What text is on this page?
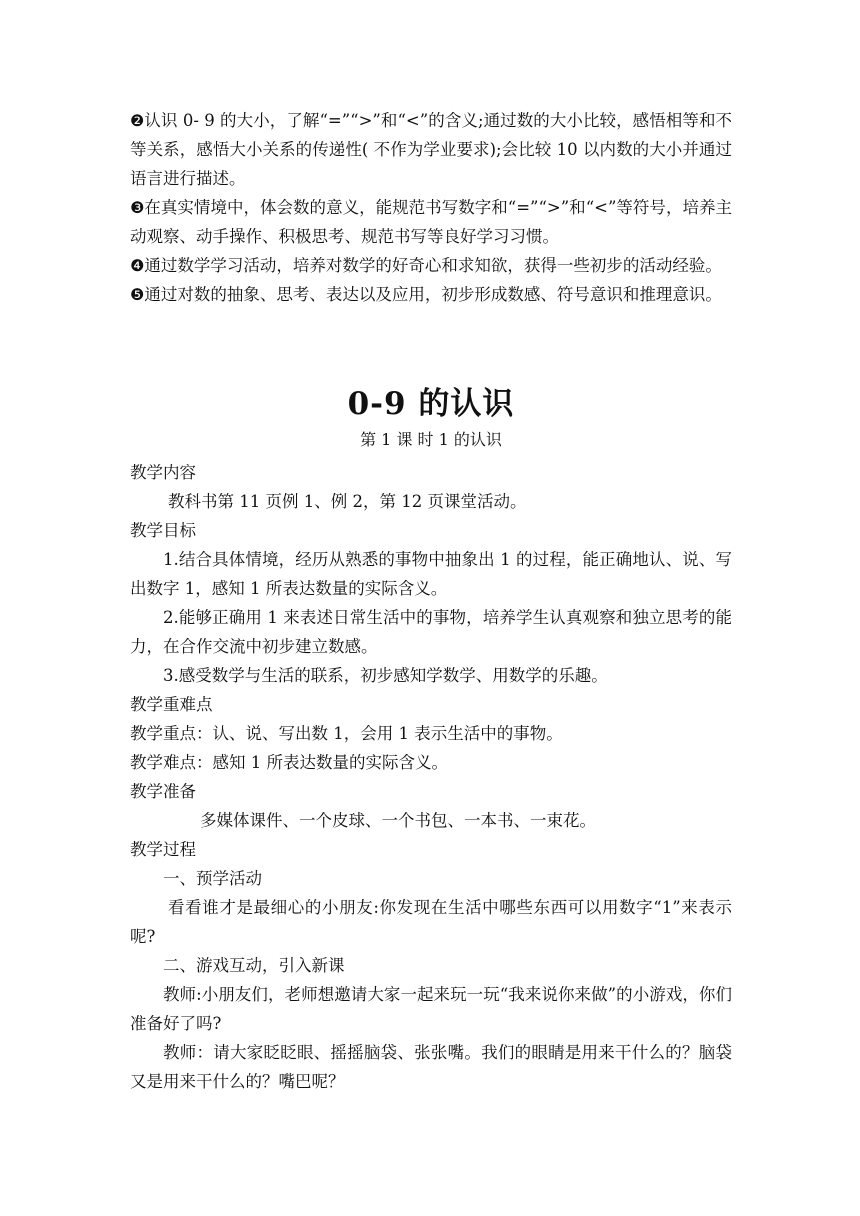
❷认识 0- 9 的大小，了解“=”“>”和“<”的含义;通过数的大小比较，感悟相等和不等关系，感悟大小关系的传递性( 不作为学业要求);会比较 10 以内数的大小并通过语言进行描述。

❸在真实情境中，体会数的意义，能规范书写数字和“=”“>”和“<”等符号，培养主动观察、动手操作、积极思考、规范书写等良好学习习惯。

❹通过数学学习活动，培养对数学的好奇心和求知欲，获得一些初步的活动经验。

❺通过对数的抽象、思考、表达以及应用，初步形成数感、符号意识和推理意识。

0-9 的认识

第 1 课 时 1 的认识

教学内容

教科书第 11 页例 1、例 2，第 12 页课堂活动。

教学目标

1.结合具体情境，经历从熟悉的事物中抽象出 1 的过程，能正确地认、说、写出数字 1，感知 1 所表达数量的实际含义。

2.能够正确用 1 来表述日常生活中的事物，培养学生认真观察和独立思考的能力，在合作交流中初步建立数感。

3.感受数学与生活的联系，初步感知学数学、用数学的乐趣。

教学重难点

教学重点：认、说、写出数 1，会用 1 表示生活中的事物。

教学难点：感知 1 所表达数量的实际含义。

教学准备

多媒体课件、一个皮球、一个书包、一本书、一束花。

教学过程

一、预学活动

看看谁才是最细心的小朋友:你发现在生活中哪些东西可以用数字“1”来表示呢?

二、游戏互动，引入新课

教师:小朋友们，老师想邀请大家一起来玩一玩“我来说你来做”的小游戏，你们准备好了吗?

教师：请大家眨眨眼、摇摇脑袋、张张嘴。我们的眼睛是用来干什么的？脑袋又是用来干什么的？嘴巴呢？
